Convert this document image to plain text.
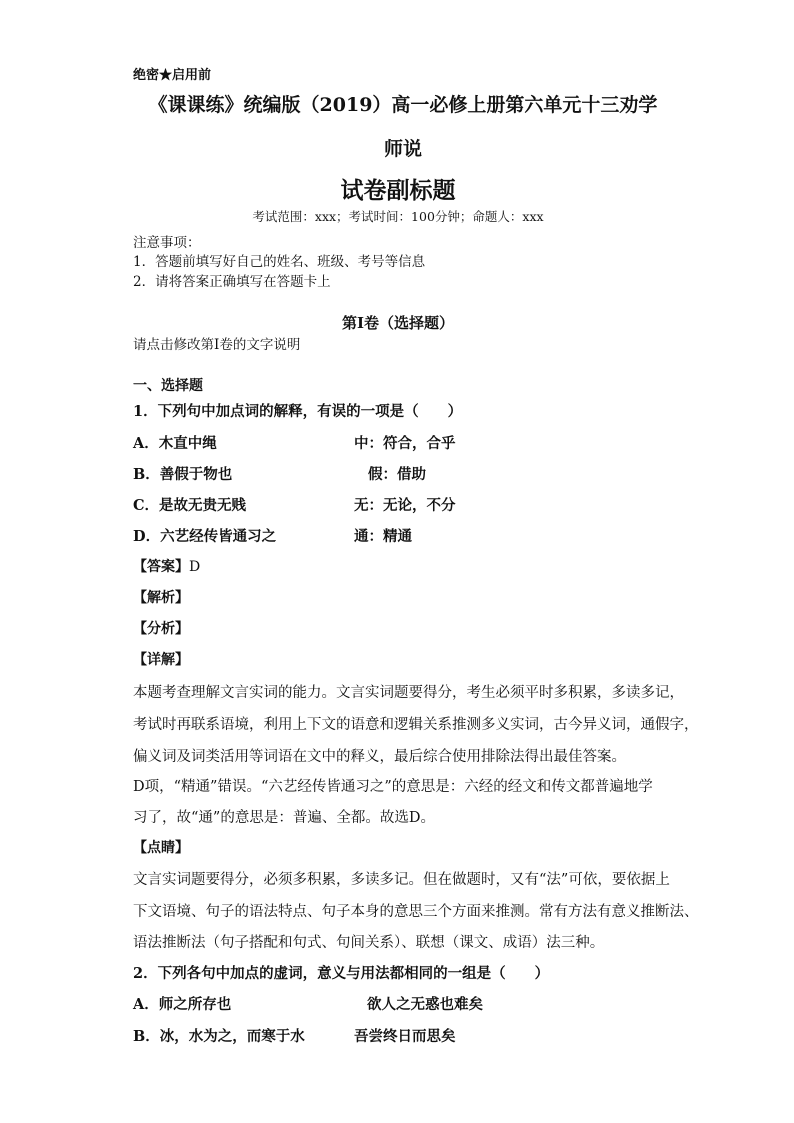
绝密★启用前
《课课练》统编版（2019）高一必修上册第六单元十三劝学
师说
试卷副标题
考试范围：xxx；考试时间：100分钟；命题人：xxx
注意事项：
1．答题前填写好自己的姓名、班级、考号等信息
2．请将答案正确填写在答题卡上
第I卷（选择题）
请点击修改第I卷的文字说明
一、选择题
1．下列句中加点词的解释，有误的一项是（　　）
A．木直中绳	中：符合，合乎
B．善假于物也	假：借助
C．是故无贵无贱	无：无论，不分
D．六艺经传皆通习之	通：精通
【答案】D
【解析】
【分析】
【详解】
本题考查理解文言实词的能力。文言实词题要得分，考生必须平时多积累，多读多记，
考试时再联系语境，利用上下文的语意和逻辑关系推测多义实词，古今异义词，通假字，
偏义词及词类活用等词语在文中的释义，最后综合使用排除法得出最佳答案。
D项，“精通”错误。“六艺经传皆通习之”的意思是：六经的经文和传文都普遍地学
习了，故“通”的意思是：普遍、全都。故选D。
【点睛】
文言实词题要得分，必须多积累，多读多记。但在做题时，又有“法”可依，要依据上
下文语境、句子的语法特点、句子本身的意思三个方面来推测。常有方法有意义推断法、
语法推断法（句子搭配和句式、句间关系）、联想（课文、成语）法三种。
2．下列各句中加点的虚词，意义与用法都相同的一组是（　　）
A．师之所存也	欲人之无惑也难矣
B．冰，水为之，而寒于水	吾尝终日而思矣
